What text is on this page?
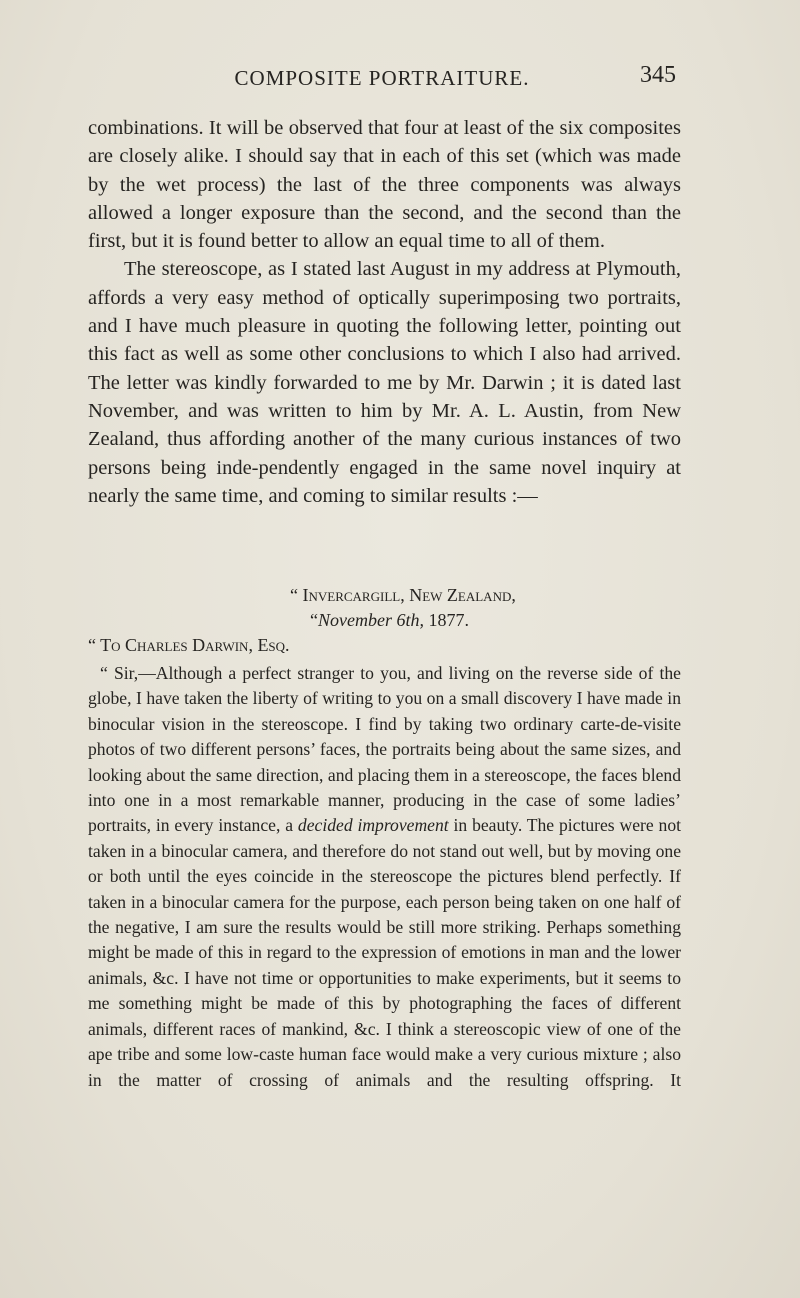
COMPOSITE PORTRAITURE.	345

combinations. It will be observed that four at least of the six composites are closely alike. I should say that in each of this set (which was made by the wet process) the last of the three components was always allowed a longer exposure than the second, and the second than the first, but it is found better to allow an equal time to all of them.

The stereoscope, as I stated last August in my address at Plymouth, affords a very easy method of optically superimposing two portraits, and I have much pleasure in quoting the following letter, pointing out this fact as well as some other conclusions to which I also had arrived. The letter was kindly forwarded to me by Mr. Darwin ; it is dated last November, and was written to him by Mr. A. L. Austin, from New Zealand, thus affording another of the many curious instances of two persons being inde-pendently engaged in the same novel inquiry at nearly the same time, and coming to similar results :—

“ Invercargill, New Zealand,

“November 6th, 1877.

“ To Charles Darwin, Esq.

“ Sir,—Although a perfect stranger to you, and living on the reverse side of the globe, I have taken the liberty of writing to you on a small discovery I have made in binocular vision in the stereoscope. I find by taking two ordinary carte-de-visite photos of two different persons’ faces, the portraits being about the same sizes, and looking about the same direction, and placing them in a stereoscope, the faces blend into one in a most remarkable manner, producing in the case of some ladies’ portraits, in every instance, a decided improvement in beauty. The pictures were not taken in a binocular camera, and therefore do not stand out well, but by moving one or both until the eyes coincide in the stereoscope the pictures blend perfectly. If taken in a binocular camera for the purpose, each person being taken on one half of the negative, I am sure the results would be still more striking. Perhaps something might be made of this in regard to the expression of emotions in man and the lower animals, &c. I have not time or opportunities to make experiments, but it seems to me something might be made of this by photographing the faces of different animals, different races of mankind, &c. I think a stereoscopic view of one of the ape tribe and some low-caste human face would make a very curious mixture ; also in the matter of crossing of animals and the resulting offspring. It
